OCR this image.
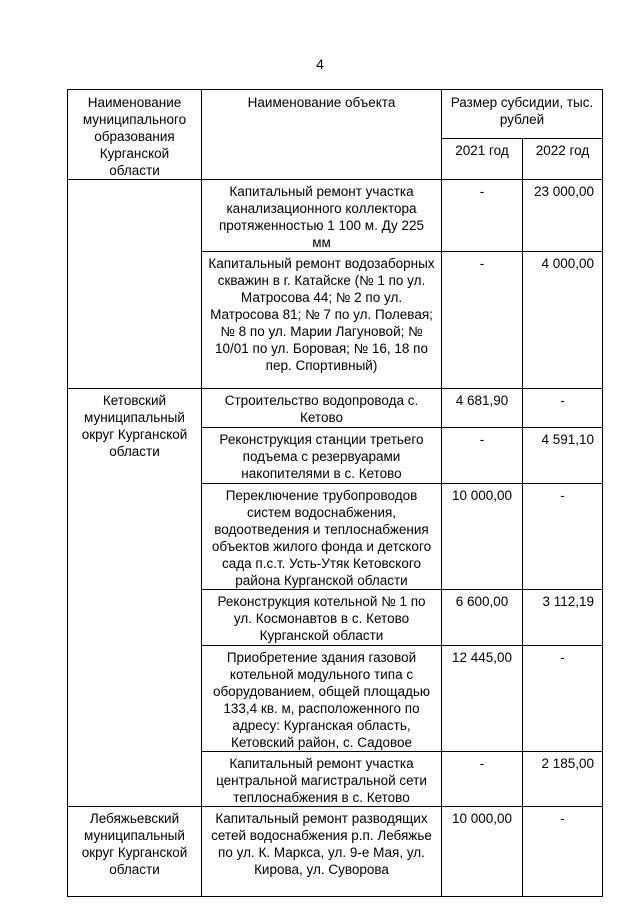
4
Наименование муниципального образования Курганской области	Наименование объекта	Размер субсидии, тыс. рублей	

		2021 год	2022 год

	Капитальный ремонт участка канализационного коллектора протяженностью 1 100 м. Ду 225 мм	-	23 000,00

	Капитальный ремонт водозаборных скважин в г. Катайске (№ 1 по ул. Матросова 44; № 2 по ул. Матросова 81; № 7 по ул. Полевая; № 8 по ул. Марии Лагуновой; № 10/01 по ул. Боровая; № 16, 18 по пер. Спортивный)	-	4 000,00

Кетовский муниципальный округ Курганской области	Строительство водопровода с. Кетово	4 681,90	-

	Реконструкция станции третьего подъема с резервуарами накопителями в с. Кетово	-	4 591,10

	Переключение трубопроводов систем водоснабжения, водоотведения и теплоснабжения объектов жилого фонда и детского сада п.с.т. Усть-Утяк Кетовского района Курганской области	10 000,00	-

	Реконструкция котельной № 1 по ул. Космонавтов в с. Кетово Курганской области	6 600,00	3 112,19

	Приобретение здания газовой котельной модульного типа с оборудованием, общей площадью 133,4 кв. м, расположенного по адресу: Курганская область, Кетовский район, с. Садовое	12 445,00	-

	Капитальный ремонт участка центральной магистральной сети теплоснабжения в с. Кетово	-	2 185,00

Лебяжьевский муниципальный округ Курганской области	Капитальный ремонт разводящих сетей водоснабжения р.п. Лебяжье по ул. К. Маркса, ул. 9-е Мая, ул. Кирова, ул. Суворова	10 000,00	-
